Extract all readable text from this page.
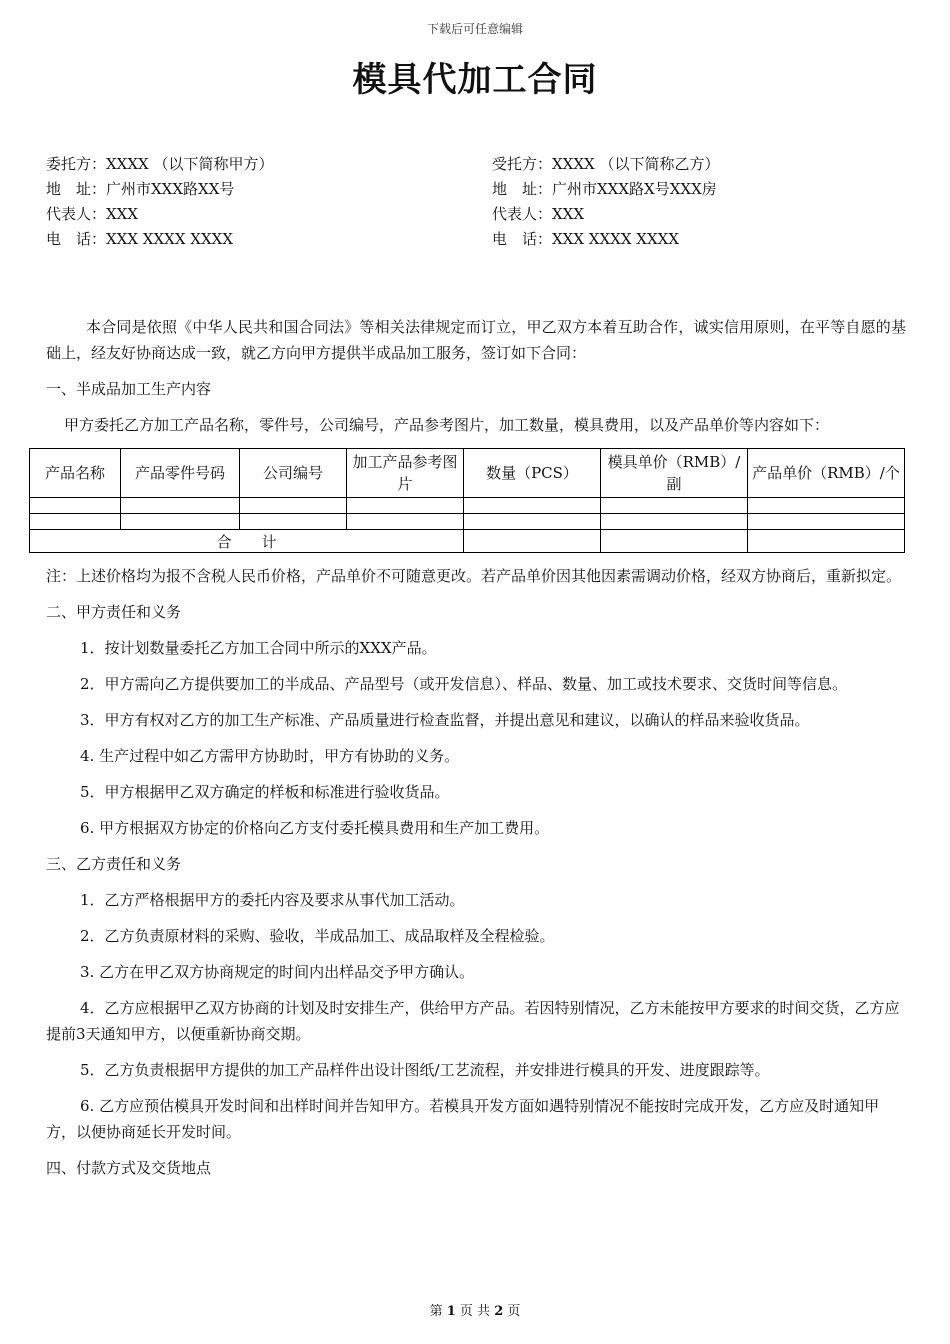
下载后可任意编辑
模具代加工合同
委托方：XXXX （以下简称甲方）
地　址：广州市XXX路XX号
代表人：XXX
电　话：XXX XXXX XXXX
受托方：XXXX （以下简称乙方）
地　址：广州市XXX路X号XXX房
代表人：XXX
电　话：XXX XXXX XXXX

本合同是依照《中华人民共和国合同法》等相关法律规定而订立，甲乙双方本着互助合作，诚实信用原则，在平等自愿的基础上，经友好协商达成一致，就乙方向甲方提供半成品加工服务，签订如下合同：

一、半成品加工生产内容

甲方委托乙方加工产品名称，零件号，公司编号，产品参考图片，加工数量，模具费用，以及产品单价等内容如下：

产品名称	产品零件号码	公司编号	加工产品参考图片	数量（PCS）	模具单价（RMB）/副	产品单价（RMB）/个

合　　计						

注：上述价格均为报不含税人民币价格，产品单价不可随意更改。若产品单价因其他因素需调动价格，经双方协商后，重新拟定。

二、甲方责任和义务

1．按计划数量委托乙方加工合同中所示的XXX产品。

2．甲方需向乙方提供要加工的半成品、产品型号（或开发信息）、样品、数量、加工或技术要求、交货时间等信息。

3．甲方有权对乙方的加工生产标准、产品质量进行检查监督，并提出意见和建议，以确认的样品来验收货品。

4. 生产过程中如乙方需甲方协助时，甲方有协助的义务。

5．甲方根据甲乙双方确定的样板和标准进行验收货品。

6. 甲方根据双方协定的价格向乙方支付委托模具费用和生产加工费用。

三、乙方责任和义务

1．乙方严格根据甲方的委托内容及要求从事代加工活动。

2．乙方负责原材料的采购、验收，半成品加工、成品取样及全程检验。

3. 乙方在甲乙双方协商规定的时间内出样品交予甲方确认。

4．乙方应根据甲乙双方协商的计划及时安排生产，供给甲方产品。若因特别情况，乙方未能按甲方要求的时间交货，乙方应提前3天通知甲方，以便重新协商交期。

5．乙方负责根据甲方提供的加工产品样件出设计图纸/工艺流程，并安排进行模具的开发、进度跟踪等。

6. 乙方应预估模具开发时间和出样时间并告知甲方。若模具开发方面如遇特别情况不能按时完成开发，乙方应及时通知甲方，以便协商延长开发时间。

四、付款方式及交货地点
第 1 页 共 2 页
